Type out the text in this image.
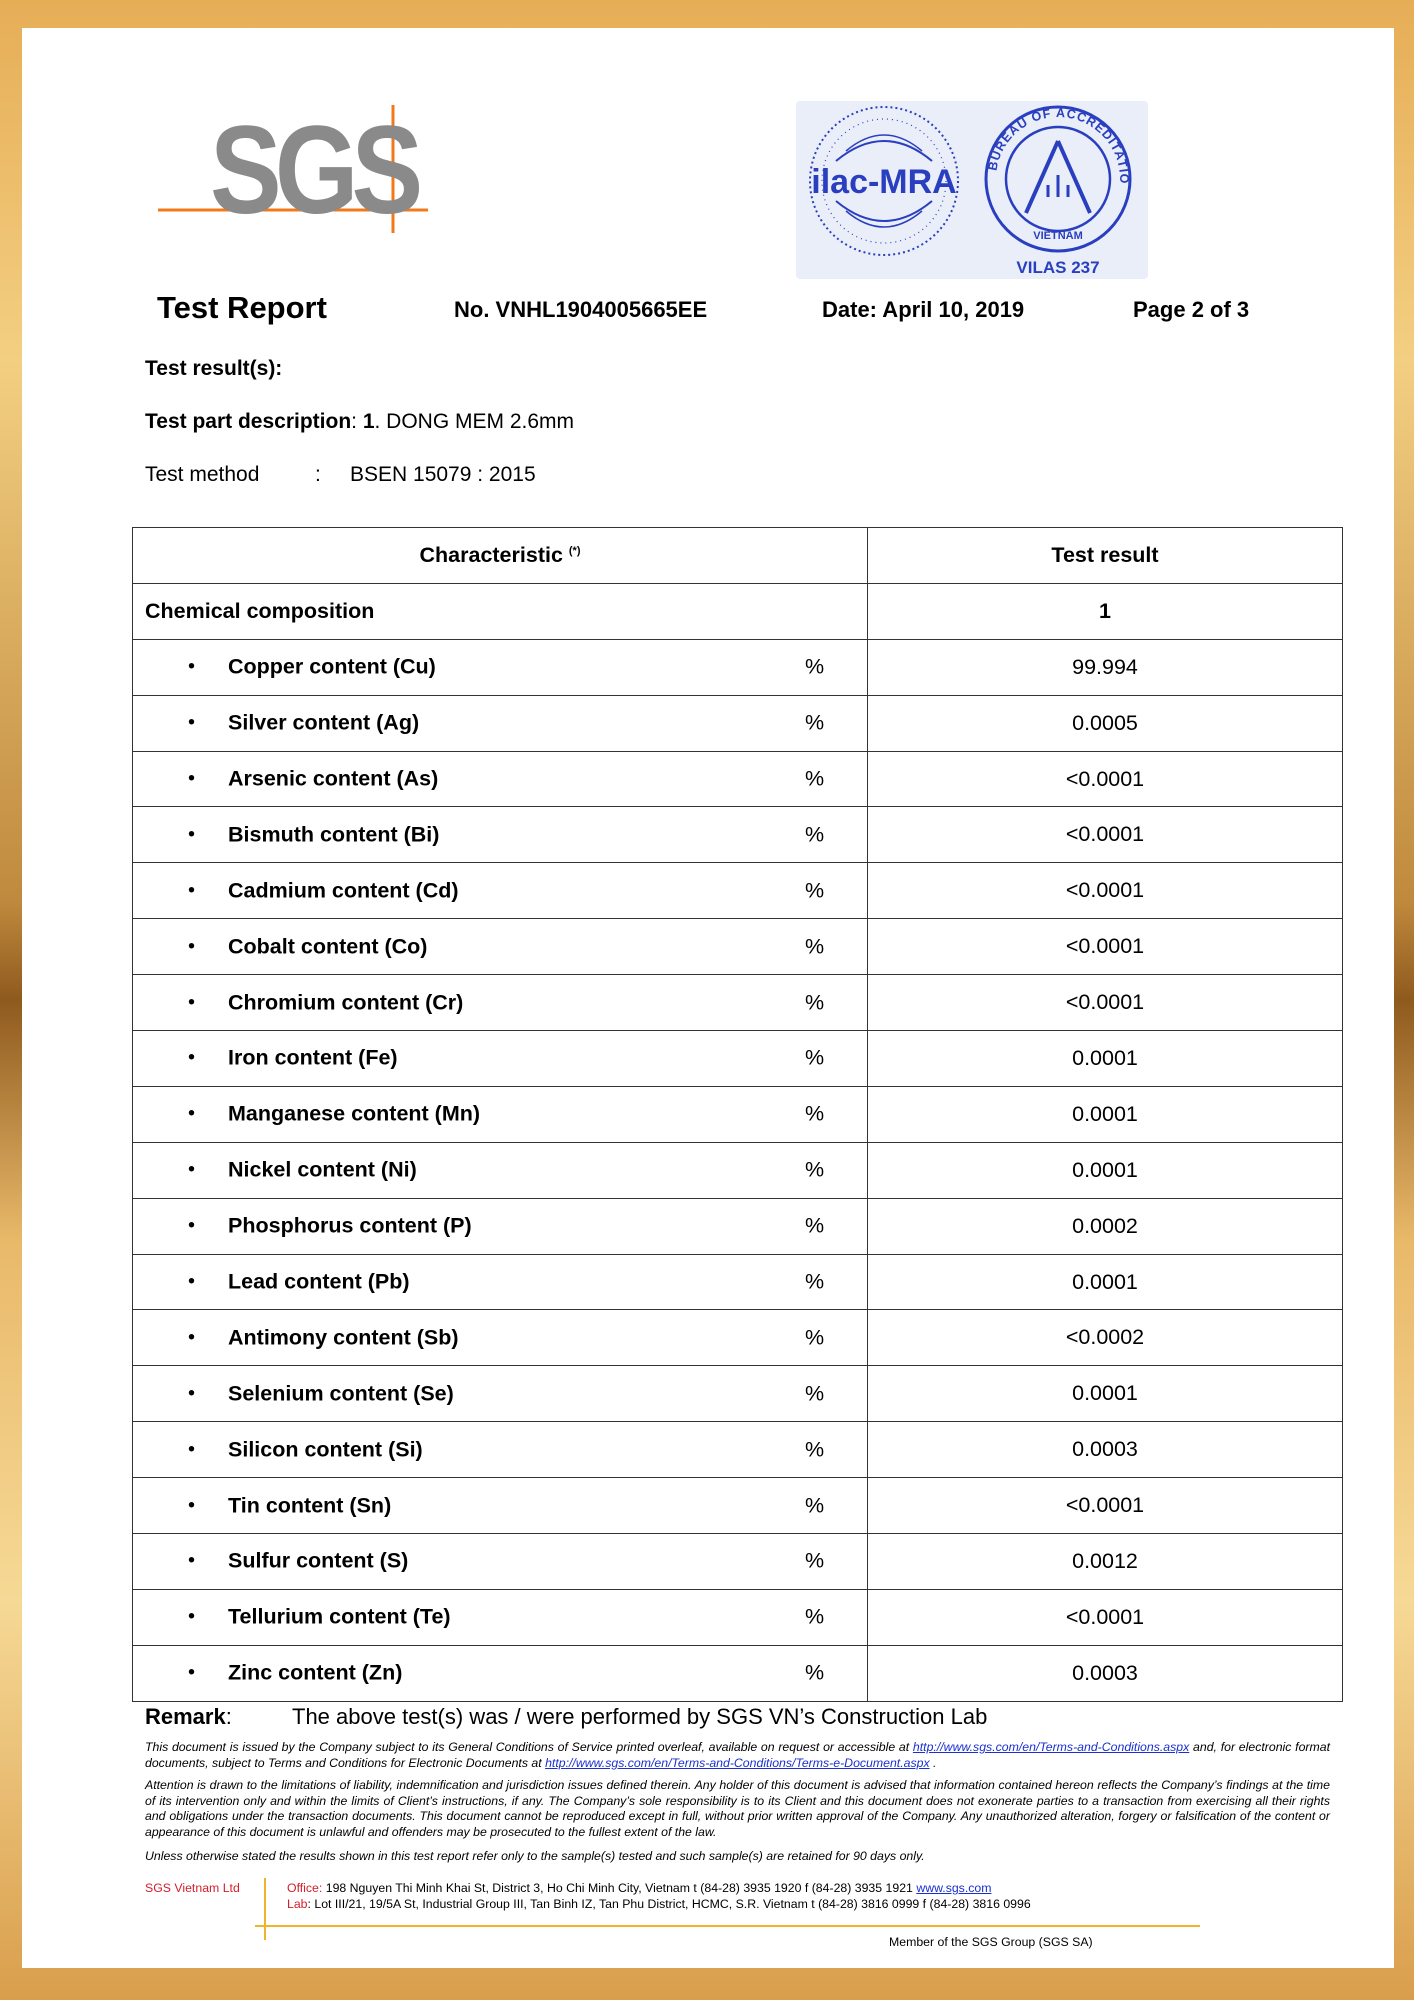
SGS	ilac-MRA	BUREAU OF ACCREDITATIO
VIETNAM
VILAS 237
Test Report	No. VNHL1904005665EE	Date: April 10, 2019	Page 2 of 3
Test result(s):
Test part description: 1. DONG MEM 2.6mm
Test method	: BSEN 15079 : 2015
Characteristic (*)	Test result
Chemical composition	1

• Copper content (Cu) %	99.994

• Silver content (Ag) %	0.0005

• Arsenic content (As) %	<0.0001

• Bismuth content (Bi) %	<0.0001

• Cadmium content (Cd) %	<0.0001

• Cobalt content (Co) %	<0.0001

• Chromium content (Cr) %	<0.0001

• Iron content (Fe) %	0.0001

• Manganese content (Mn) %	0.0001

• Nickel content (Ni) %	0.0001

• Phosphorus content (P) %	0.0002

• Lead content (Pb) %	0.0001

• Antimony content (Sb) %	<0.0002

• Selenium content (Se) %	0.0001

• Silicon content (Si) %	0.0003

• Tin content (Sn) %	<0.0001

• Sulfur content (S) %	0.0012

• Tellurium content (Te) %	<0.0001

• Zinc content (Zn) %	0.0003
Remark:	The above test(s) was / were performed by SGS VN’s Construction Lab
This document is issued by the Company subject to its General Conditions of Service printed overleaf, available on request or accessible at http://www.sgs.com/en/Terms-and-Conditions.aspx and, for electronic format documents, subject to Terms and Conditions for Electronic Documents at http://www.sgs.com/en/Terms-and-Conditions/Terms-e-Document.aspx .
Attention is drawn to the limitations of liability, indemnification and jurisdiction issues defined therein. Any holder of this document is advised that information contained hereon reflects the Company’s findings at the time of its intervention only and within the limits of Client’s instructions, if any. The Company’s sole responsibility is to its Client and this document does not exonerate parties to a transaction from exercising all their rights and obligations under the transaction documents. This document cannot be reproduced except in full, without prior written approval of the Company. Any unauthorized alteration, forgery or falsification of the content or appearance of this document is unlawful and offenders may be prosecuted to the fullest extent of the law.
Unless otherwise stated the results shown in this test report refer only to the sample(s) tested and such sample(s) are retained for 90 days only.
SGS Vietnam Ltd	Office: 198 Nguyen Thi Minh Khai St, District 3, Ho Chi Minh City, Vietnam t (84-28) 3935 1920 f (84-28) 3935 1921 www.sgs.com
Lab: Lot III/21, 19/5A St, Industrial Group III, Tan Binh IZ, Tan Phu District, HCMC, S.R. Vietnam t (84-28) 3816 0999 f (84-28) 3816 0996
Member of the SGS Group (SGS SA)
